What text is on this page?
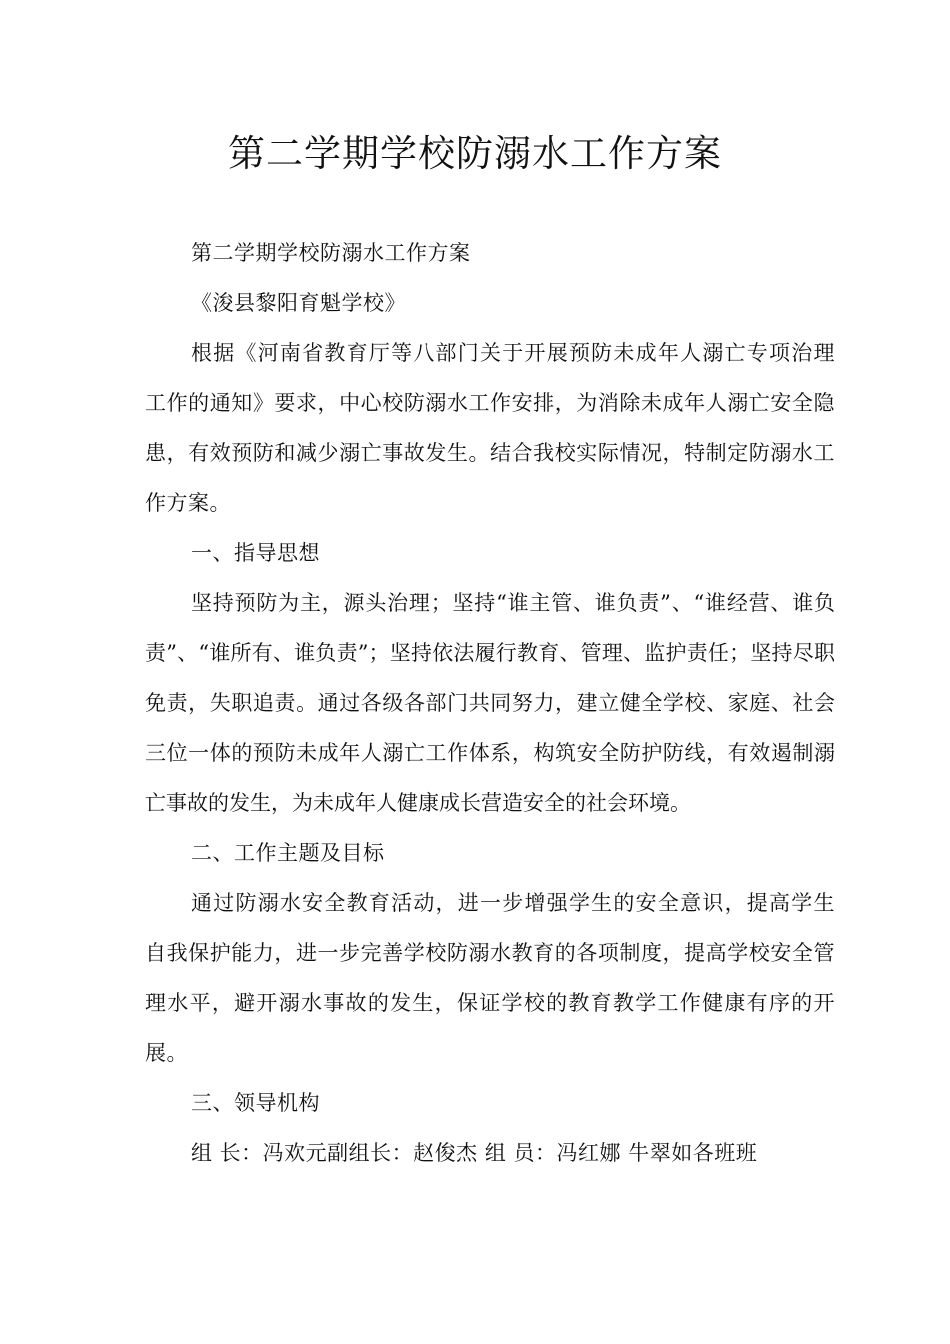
第二学期学校防溺水工作方案

第二学期学校防溺水工作方案

《浚县黎阳育魁学校》

根据《河南省教育厅等八部门关于开展预防未成年人溺亡专项治理工作的通知》要求，中心校防溺水工作安排，为消除未成年人溺亡安全隐患，有效预防和减少溺亡事故发生。结合我校实际情况，特制定防溺水工作方案。

一、指导思想

坚持预防为主，源头治理；坚持“谁主管、谁负责”、“谁经营、谁负责”、“谁所有、谁负责”；坚持依法履行教育、管理、监护责任；坚持尽职免责，失职追责。通过各级各部门共同努力，建立健全学校、家庭、社会三位一体的预防未成年人溺亡工作体系，构筑安全防护防线，有效遏制溺亡事故的发生，为未成年人健康成长营造安全的社会环境。

二、工作主题及目标

通过防溺水安全教育活动，进一步增强学生的安全意识，提高学生自我保护能力，进一步完善学校防溺水教育的各项制度，提高学校安全管理水平，避开溺水事故的发生，保证学校的教育教学工作健康有序的开展。

三、领导机构

组 长：冯欢元副组长：赵俊杰 组 员：冯红娜 牛翠如各班班
